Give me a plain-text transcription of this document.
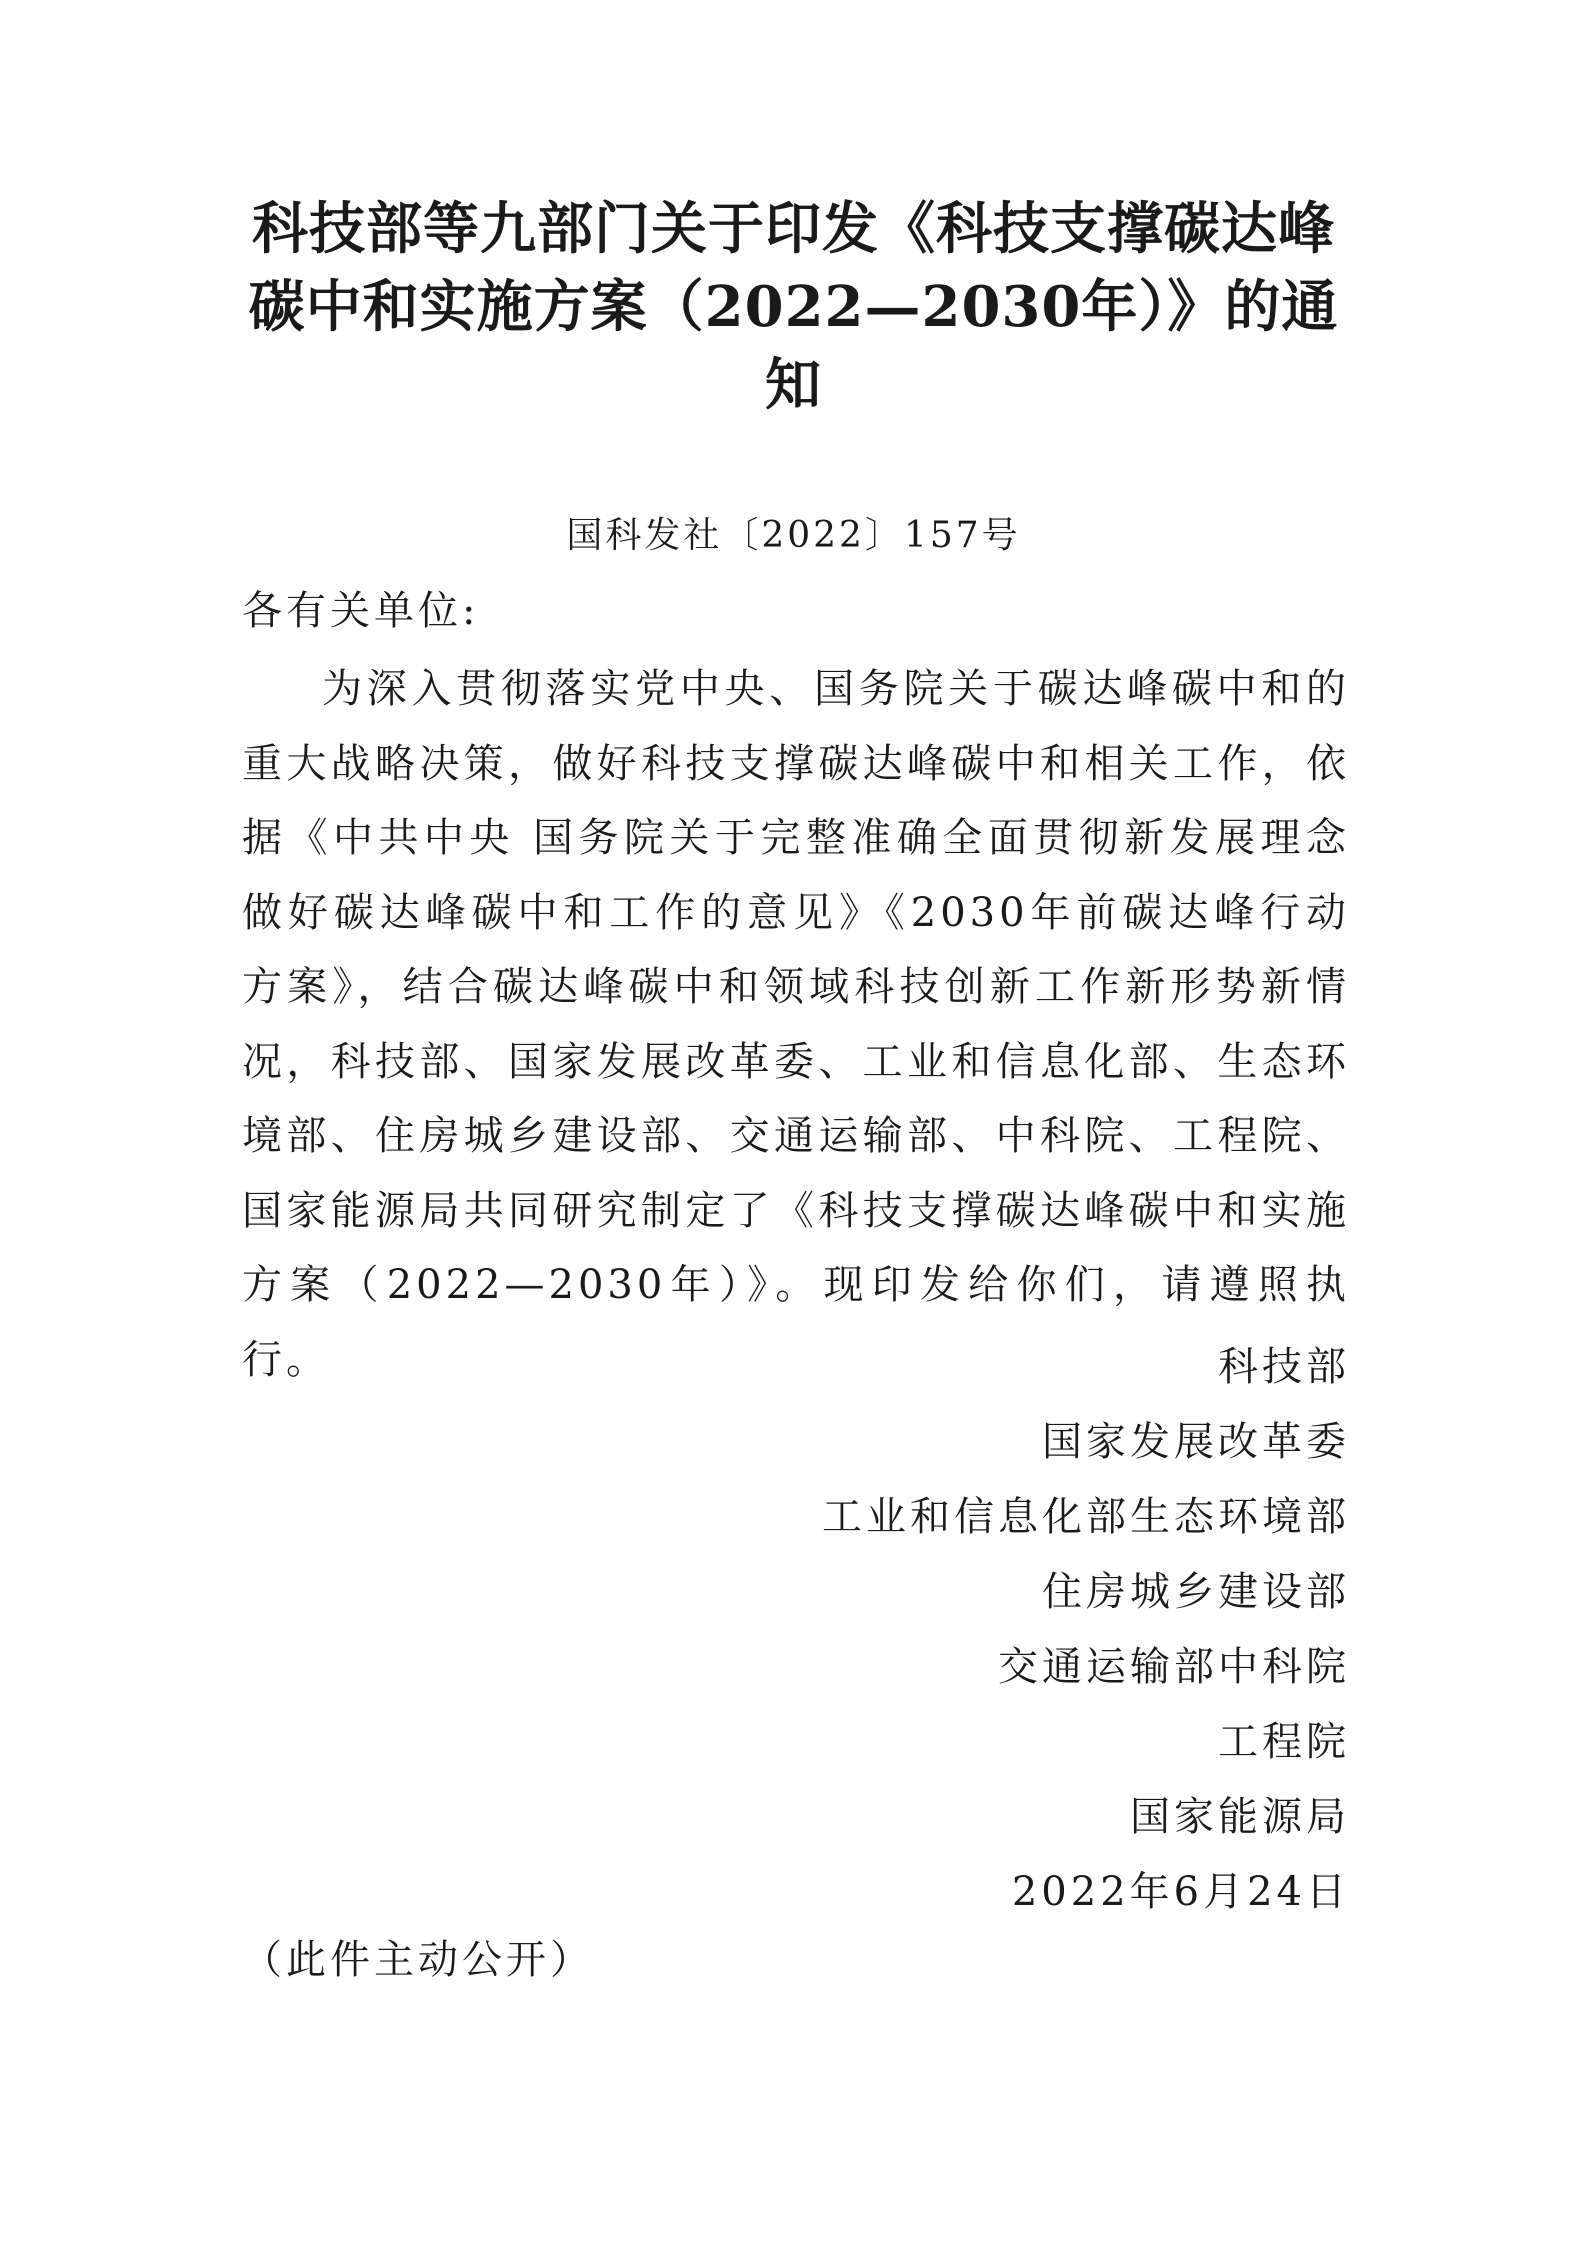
科技部等九部门关于印发《科技支撑碳达峰碳中和实施方案（2022—2030年）》的通知
国科发社〔2022〕157号
各有关单位:

为深入贯彻落实党中央、国务院关于碳达峰碳中和的重大战略决策，做好科技支撑碳达峰碳中和相关工作，依据《中共中央 国务院关于完整准确全面贯彻新发展理念做好碳达峰碳中和工作的意见》《2030年前碳达峰行动方案》，结合碳达峰碳中和领域科技创新工作新形势新情况，科技部、国家发展改革委、工业和信息化部、生态环境部、住房城乡建设部、交通运输部、中科院、工程院、国家能源局共同研究制定了《科技支撑碳达峰碳中和实施方案（2022—2030年）》。现印发给你们，请遵照执行。	科技部
国家发展改革委
工业和信息化部生态环境部
住房城乡建设部
交通运输部中科院
工程院
国家能源局
2022年6月24日
（此件主动公开）
